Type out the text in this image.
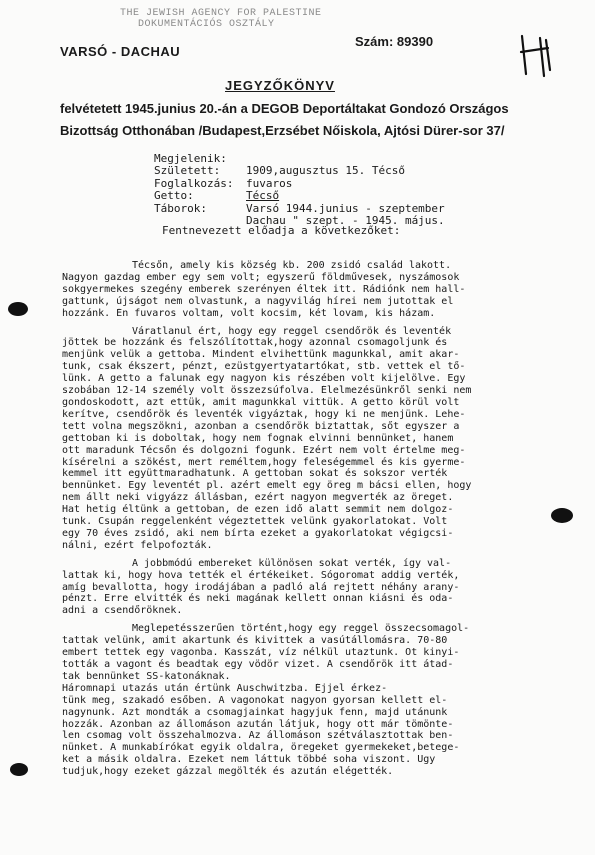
THE JEWISH AGENCY FOR PALESTINE
DOKUMENTÁCIÓS OSZTÁLY
VARSÓ - DACHAU
Szám: 89390
JEGYZŐKÖNYV
felvétetett 1945.junius 20.-án a DEGOB Deportáltakat Gondozó Országos
Bizottság Otthonában /Budapest,Erzsébet Nőiskola, Ajtósi Dürer-sor 37/
Megjelenik:
Született: 1909,augusztus 15. Técső
Foglalkozás: fuvaros
Getto:	Técső
Táborok:	Varsó 1944.junius - szeptember
Dachau " szept. - 1945. május.
Fentnevezett előadja a következőket:

Técsőn, amely kis község kb. 200 zsidó család lakott.
Nagyon gazdag ember egy sem volt; egyszerű földművesek, nyszámosok
sokgyermekes szegény emberek szerényen éltek itt. Rádiónk nem hall-
gattunk, újságot nem olvastunk, a nagyvilág hírei nem jutottak el
hozzánk. Én fuvaros voltam, volt kocsim, két lovam, kis házam.

Váratlanul ért, hogy egy reggel csendőrök és leventék
jöttek be hozzánk és felszólítottak,hogy azonnal csomagoljunk és
menjünk velük a gettoba. Mindent elvihettünk magunkkal, amit akar-
tunk, csak ékszert, pénzt, ezüstgyertyatartókat, stb. vettek el tő-
lünk. A getto a falunak egy nagyon kis részében volt kijelölve. Egy
szobában 12-14 személy volt összezsúfolva. Élelmezésünkről senki nem
gondoskodott, azt ettük, amit magunkkal vittük. A getto körül volt
kerítve, csendőrök és leventék vigyáztak, hogy ki ne menjünk. Lehe-
tett volna megszökni, azonban a csendőrök biztattak, sőt egyszer a
gettoban ki is doboltak, hogy nem fognak elvinni bennünket, hanem
ott maradunk Técsőn és dolgozni fogunk. Ezért nem volt értelme meg-
kísérelni a szökést, mert reméltem,hogy feleségemmel és kis gyerme-
kemmel itt együttmaradhatunk. A gettoban sokat és sokszor verték
bennünket. Egy leventét pl. azért emelt egy öreg m bácsi ellen, hogy
nem állt neki vigyázz állásban, ezért nagyon megverték az öreget.
Hat hetig éltünk a gettoban, de ezen idő alatt semmit nem dolgoz-
tunk. Csupán reggelenként végeztettek velünk gyakorlatokat. Volt
egy 70 éves zsidó, aki nem bírta ezeket a gyakorlatokat végigcsi-
nálni, ezért felpofozták.

A jobbmódú embereket különösen sokat verték, így val-
lattak ki, hogy hova tették el értékeiket. Sógoromat addig verték,
amíg bevallotta, hogy irodájában a padló alá rejtett néhány arany-
pénzt. Erre elvitték és neki magának kellett onnan kiásni és oda-
adni a csendőröknek.

Meglepetésszerűen történt,hogy egy reggel összecsomagol-
tattak velünk, amit akartunk és kivittek a vasútállomásra. 70-80
embert tettek egy vagonba. Kasszát, víz nélkül utaztunk. Öt kinyi-
tották a vagont és beadtak egy vödör vizet. A csendőrök itt átad-
tak bennünket SS-katonáknak.
Háromnapi utazás után értünk Auschwitzba. Éjjel érkez-
tünk meg, szakadó esőben. A vagonokat nagyon gyorsan kellett el-
nagynunk. Azt mondták a csomagjainkat hagyjuk fenn, majd utánunk
hozzák. Azonban az állomáson azután látjuk, hogy ott már tömönte-
len csomag volt összehalmozva. Az állomáson szétválasztottak ben-
nünket. A munkabírókat egyik oldalra, öregeket gyermekeket,betege-
ket a másik oldalra. Ezeket nem láttuk többé soha viszont. Úgy
tudjuk,hogy ezeket gázzal megölték és azután elégették.
